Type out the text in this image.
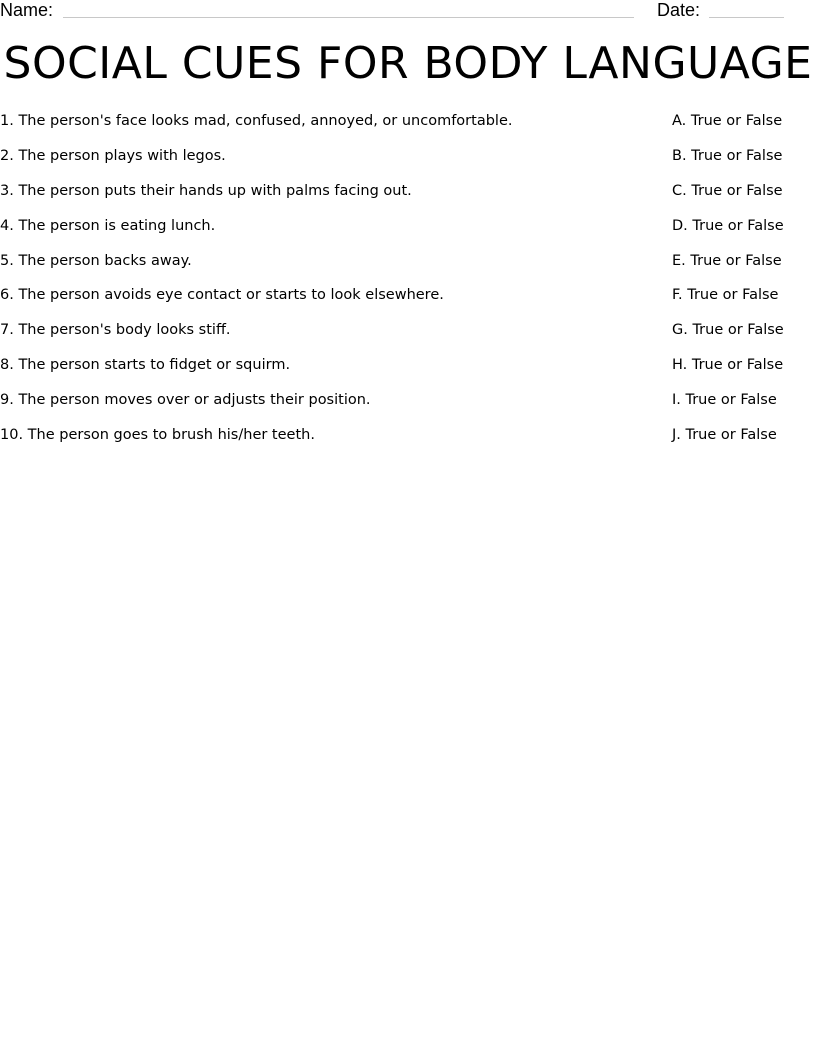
Name:	Date:
SOCIAL CUES FOR BODY LANGUAGE
1. The person's face looks mad, confused, annoyed, or uncomfortable.	A. True or False
2. The person plays with legos.	B. True or False
3. The person puts their hands up with palms facing out.	C. True or False
4. The person is eating lunch.	D. True or False
5. The person backs away.	E. True or False
6. The person avoids eye contact or starts to look elsewhere.	F. True or False
7. The person's body looks stiff.	G. True or False
8. The person starts to fidget or squirm.	H. True or False
9. The person moves over or adjusts their position.	I. True or False
10. The person goes to brush his/her teeth.	J. True or False
